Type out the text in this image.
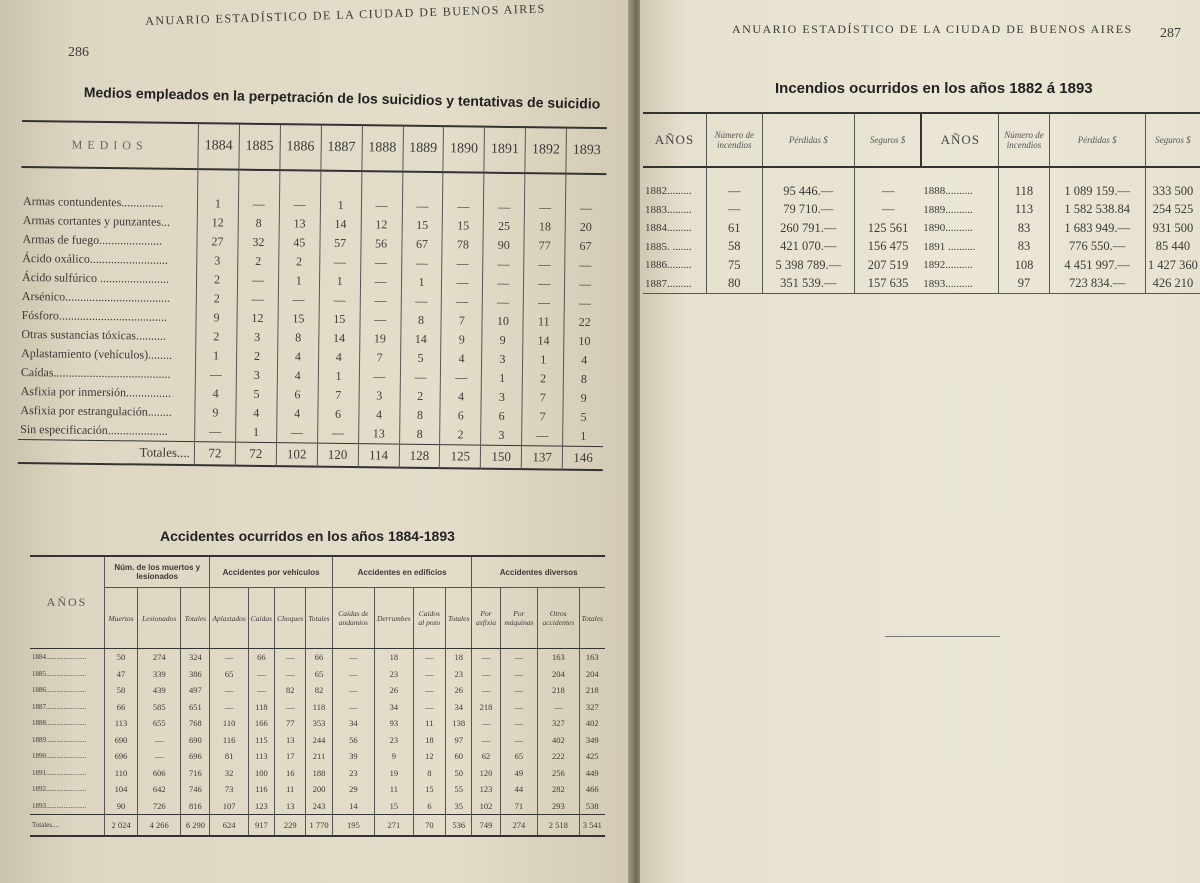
286
ANUARIO ESTADÍSTICO DE LA CIUDAD DE BUENOS AIRES
Medios empleados en la perpetración de los suicidios y tentativas de suicidio
MEDIOS	1884	1885	1886	1887	1888	1889	1890	1891	1892	1893
Armas contundentes..............	1	—	—	1	—	—	—	—	—	—
Armas cortantes y punzantes...	12	8	13	14	12	15	15	25	18	20
Armas de fuego.....................	27	32	45	57	56	67	78	90	77	67
Ácido oxálico..........................	3	2	2	—	—	—	—	—	—	—
Ácido sulfúrico .......................	2	—	1	1	—	1	—	—	—	—
Arsénico...................................	2	—	—	—	—	—	—	—	—	—
Fósforo....................................	9	12	15	15	—	8	7	10	11	22
Otras sustancias tóxicas..........	2	3	8	14	19	14	9	9	14	10
Aplastamiento (vehículos)........	1	2	4	4	7	5	4	3	1	4
Caídas.......................................	—	3	4	1	—	—	—	1	2	8
Asfixia por inmersión...............	4	5	6	7	3	2	4	3	7	9
Asfixia por estrangulación........	9	4	4	6	4	8	6	6	7	5
Sin especificación....................	—	1	—	—	13	8	2	3	—	1
Totales....	72	72	102	120	114	128	125	150	137	146
Accidentes ocurridos en los años 1884-1893
AÑOS	Núm. de los muertos y lesionados			Accidentes por vehículos				Accidentes en edificios				Accidentes diversos			
	Muertos	Lesionados	Totales	Aplastados	Caídas	Choques	Totales	Caídas de andamios	Derrumbes	Caídos al pozo	Totales	Por asfixia	Por máquinas	Otros accidentes	Totales
1884.......................	50	274	324	—	66	—	66	—	18	—	18	—	—	163	163
1885.......................	47	339	386	65	—	—	65	—	23	—	23	—	—	204	204
1886.......................	58	439	497	—	—	82	82	—	26	—	26	—	—	218	218
1887.......................	66	585	651	—	118	—	118	—	34	—	34	218	—	—	327
1888.......................	113	655	768	110	166	77	353	34	93	11	138	—	—	327	402
1889.......................	690	—	690	116	115	13	244	56	23	18	97	—	—	402	349
1890.......................	696	—	696	81	113	17	211	39	9	12	60	62	65	222	425
1891.......................	110	606	716	32	100	16	188	23	19	8	50	120	49	256	449
1892.......................	104	642	746	73	116	11	200	29	11	15	55	123	44	282	466
1893.......................	90	726	816	107	123	13	243	14	15	6	35	102	71	293	538
Totales....	2 024	4 266	6 290	624	917	229	1 770	195	271	70	536	749	274	2 518	3 541
ANUARIO ESTADÍSTICO DE LA CIUDAD DE BUENOS AIRES 287
Incendios ocurridos en los años 1882 á 1893
AÑOS	Número de incendios	Pérdidas $	Seguros $	AÑOS	Número de incendios	Pérdidas $	Seguros $
1882.........	—	95 446.—	—	1888..........	118	1 089 159.—	333 500
1883.........	—	79 710.—	—	1889..........	113	1 582 538.84	254 525
1884.........	61	260 791.—	125 561	1890..........	83	1 683 949.—	931 500
1885. .......	58	421 070.—	156 475	1891 ..........	83	776 550.—	85 440
1886.........	75	5 398 789.—	207 519	1892..........	108	4 451 997.—	1 427 360
1887.........	80	351 539.—	157 635	1893..........	97	723 834.—	426 210
